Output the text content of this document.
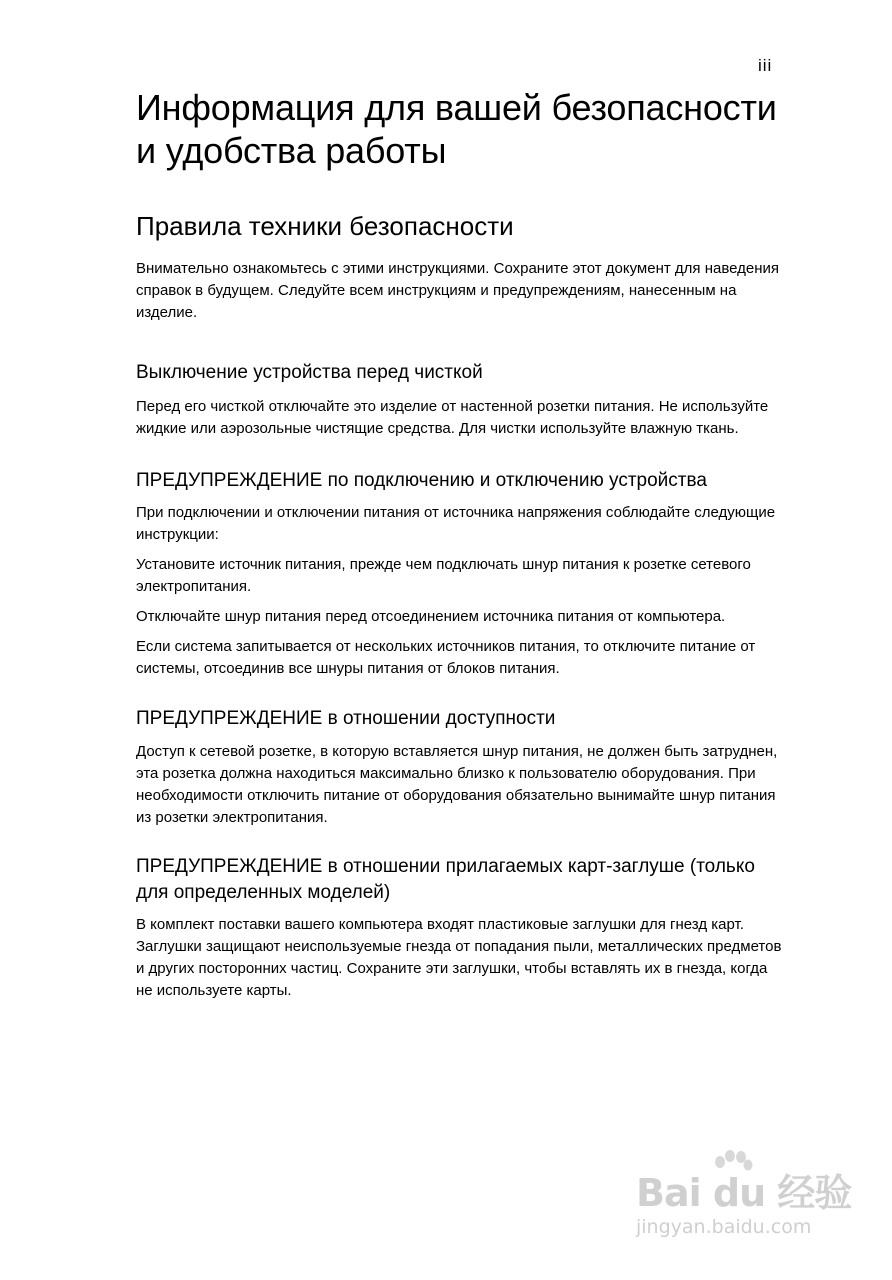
iii
Информация для вашей безопасности и удобства работы
Правила техники безопасности

Внимательно ознакомьтесь с этими инструкциями. Сохраните этот документ для наведения справок в будущем. Следуйте всем инструкциям и предупреждениям, нанесенным на изделие.

Выключение устройства перед чисткой

Перед его чисткой отключайте это изделие от настенной розетки питания. Не используйте жидкие или аэрозольные чистящие средства. Для чистки используйте влажную ткань.

ПРЕДУПРЕЖДЕНИЕ по подключению и отключению устройства

При подключении и отключении питания от источника напряжения соблюдайте следующие инструкции:

Установите источник питания, прежде чем подключать шнур питания к розетке сетевого электропитания.

Отключайте шнур питания перед отсоединением источника питания от компьютера.

Если система запитывается от нескольких источников питания, то отключите питание от системы, отсоединив все шнуры питания от блоков питания.

ПРЕДУПРЕЖДЕНИЕ в отношении доступности

Доступ к сетевой розетке, в которую вставляется шнур питания, не должен быть затруднен, эта розетка должна находиться максимально близко к пользователю оборудования. При необходимости отключить питание от оборудования обязательно вынимайте шнур питания из розетки электропитания.

ПРЕДУПРЕЖДЕНИЕ в отношении прилагаемых карт-заглуше (только для определенных моделей)

В комплект поставки вашего компьютера входят пластиковые заглушки для гнезд карт. Заглушки защищают неиспользуемые гнезда от попадания пыли, металлических предметов и других посторонних частиц. Сохраните эти заглушки, чтобы вставлять их в гнезда, когда не используете карты.

Bai du 经验
jingyan.baidu.com
